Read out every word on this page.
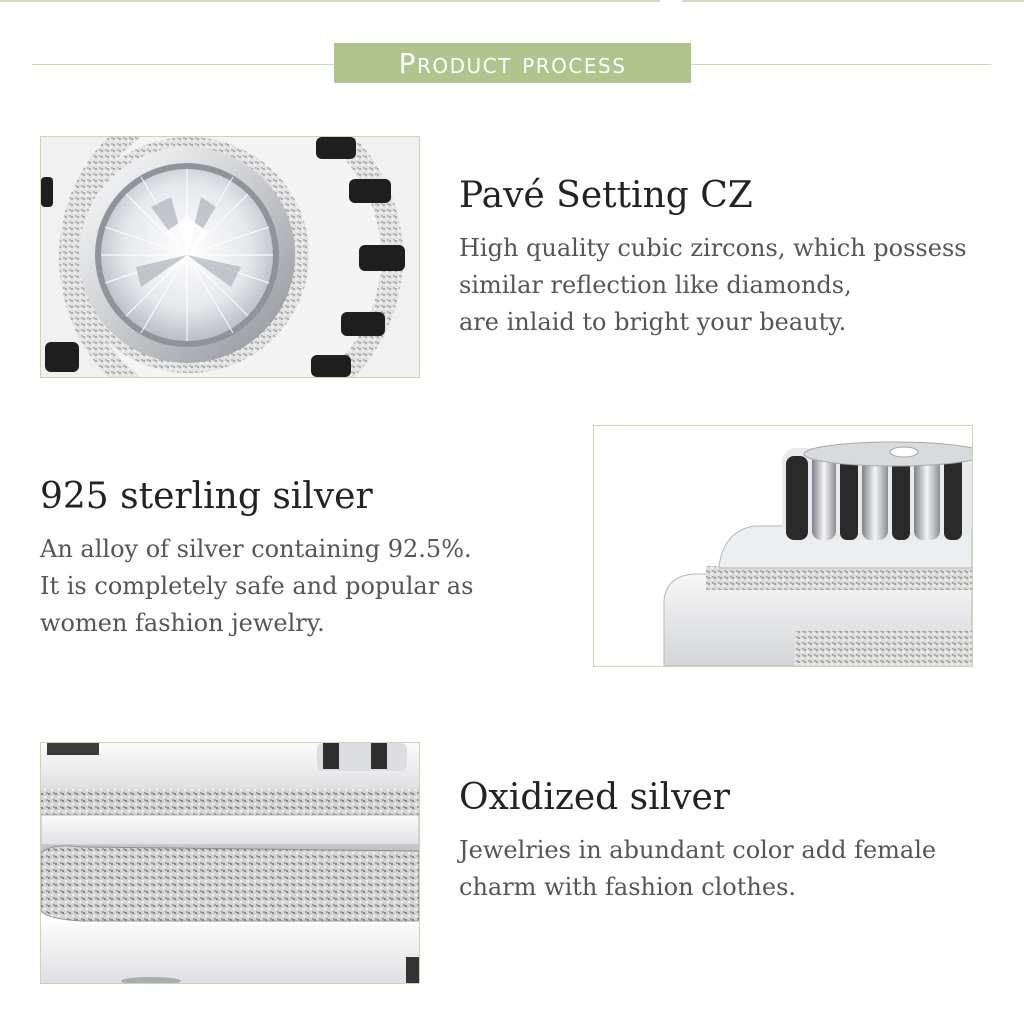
Product process
Pavé Setting CZ
High quality cubic zircons, which possess
similar reflection like diamonds,
are inlaid to bright your beauty.
925 sterling silver
An alloy of silver containing 92.5%.
It is completely safe and popular as
women fashion jewelry.
Oxidized silver
Jewelries in abundant color add female
charm with fashion clothes.
